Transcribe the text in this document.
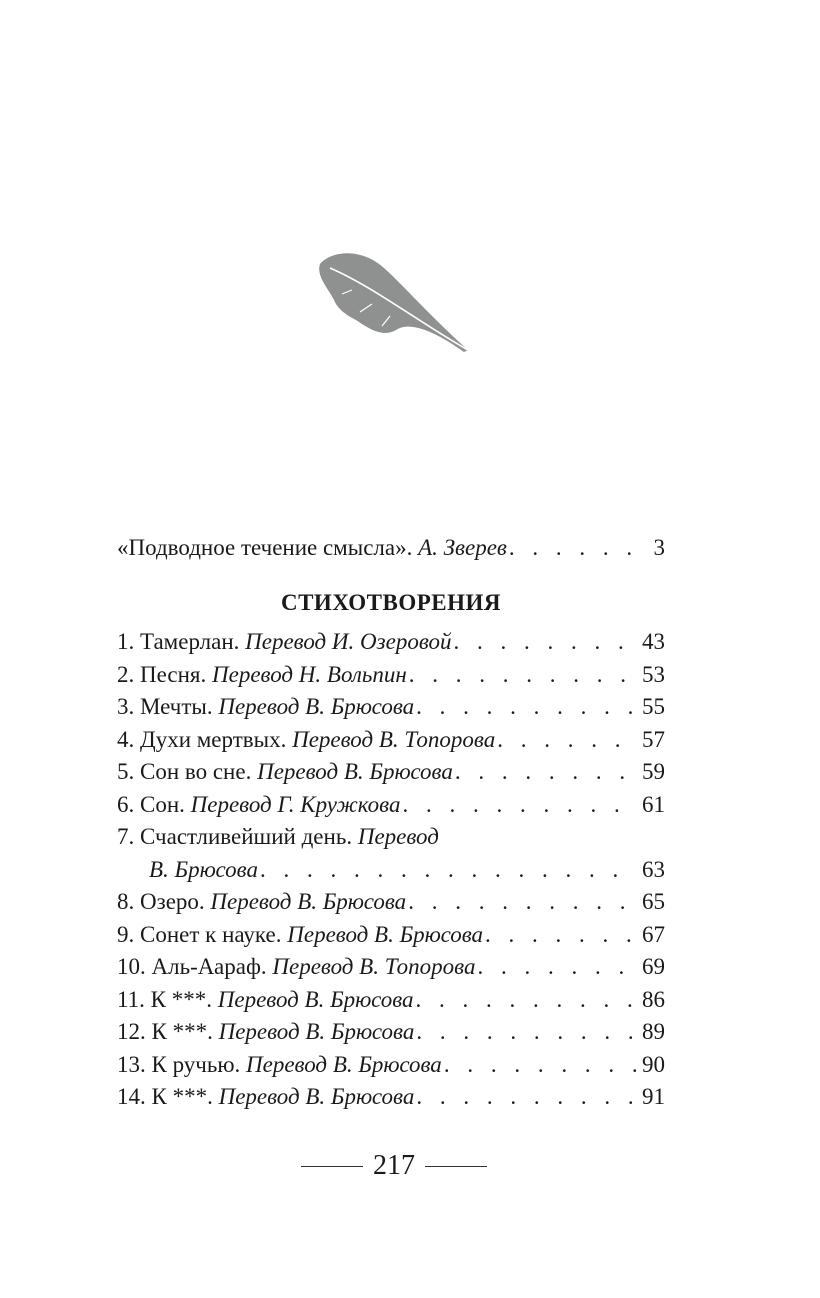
«Подводное течение смысла». А. Зверев . . .	3
СТИХОТВОРЕНИЯ
1. Тамерлан. Перевод И. Озеровой . . .	43
2. Песня. Перевод Н. Вольпин . . .	53
3. Мечты. Перевод В. Брюсова . . .	55
4. Духи мертвых. Перевод В. Топорова . . .	57
5. Сон во сне. Перевод В. Брюсова . . .	59
6. Сон. Перевод Г. Кружкова . . .	61
7. Счастливейший день. Перевод
В. Брюсова . . .	63
8. Озеро. Перевод В. Брюсова . . .	65
9. Сонет к науке. Перевод В. Брюсова . . .	67
10. Аль-Аараф. Перевод В. Топорова . . .	69
11. К ***. Перевод В. Брюсова . . .	86
12. К ***. Перевод В. Брюсова . . .	89
13. К ручью. Перевод В. Брюсова . . .	90
14. К ***. Перевод В. Брюсова . . .	91
217
